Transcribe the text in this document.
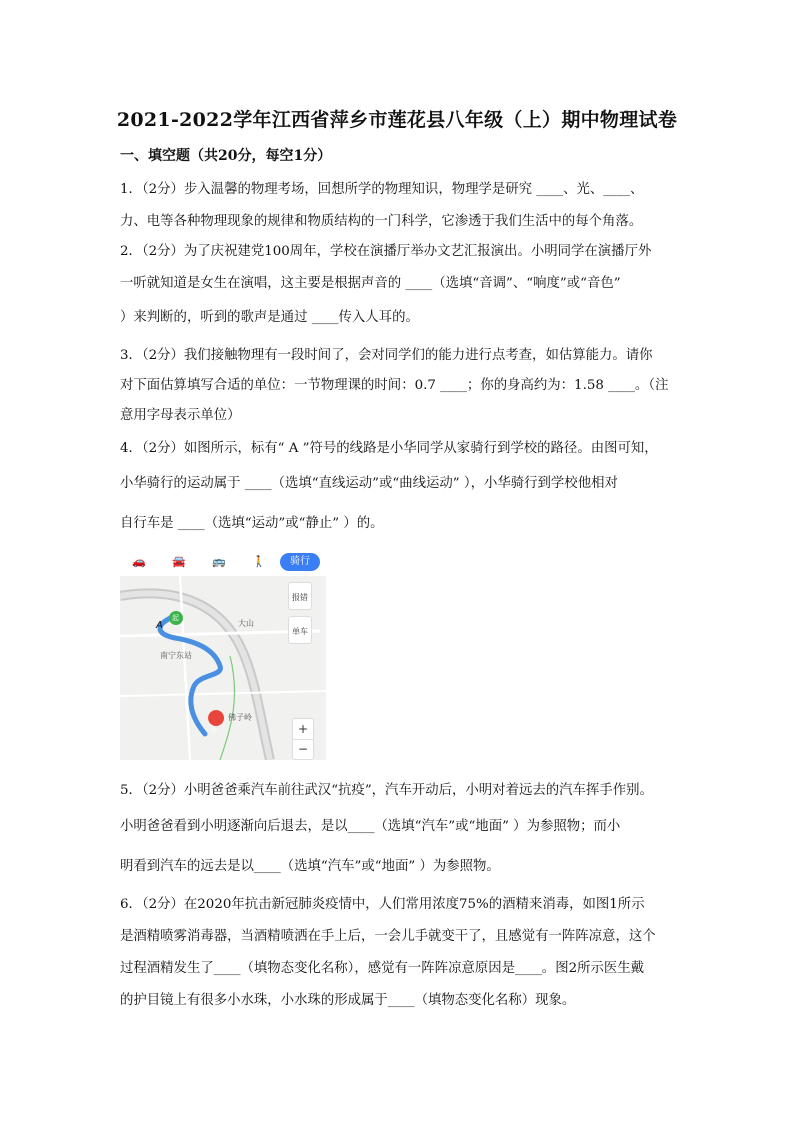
2021-2022学年江西省萍乡市莲花县八年级（上）期中物理试卷
一、填空题（共20分，每空1分）
1．（2分）步入温馨的物理考场，回想所学的物理知识，物理学是研究 ____、光、____、
力、电等各种物理现象的规律和物质结构的一门科学，它渗透于我们生活中的每个角落。
2．（2分）为了庆祝建党100周年，学校在演播厅举办文艺汇报演出。小明同学在演播厅外
一听就知道是女生在演唱，这主要是根据声音的 ____（选填“音调”、“响度”或“音色”
）来判断的，听到的歌声是通过 ____传入人耳的。
3．（2分）我们接触物理有一段时间了，会对同学们的能力进行点考查，如估算能力。请你
对下面估算填写合适的单位：一节物理课的时间：0.7 ____；你的身高约为：1.58 ____。（注
意用字母表示单位）
4．（2分）如图所示，标有“ A ”符号的线路是小华同学从家骑行到学校的路径。由图可知，
小华骑行的运动属于 ____（选填“直线运动”或“曲线运动” ），小华骑行到学校他相对
自行车是 ____（选填“运动”或“静止” ）的。
🚗 🚘 🚌 🚶	骑行
起
终
A	大山
南宁东站
佛子岭
报错
单车
+
−
5．（2分）小明爸爸乘汽车前往武汉“抗疫”，汽车开动后，小明对着远去的汽车挥手作别。
小明爸爸看到小明逐渐向后退去，是以____（选填“汽车”或“地面” ）为参照物；而小
明看到汽车的远去是以____（选填“汽车”或“地面” ）为参照物。
6．（2分）在2020年抗击新冠肺炎疫情中，人们常用浓度75%的酒精来消毒，如图1所示
是酒精喷雾消毒器，当酒精喷洒在手上后，一会儿手就变干了，且感觉有一阵阵凉意，这个
过程酒精发生了____（填物态变化名称），感觉有一阵阵凉意原因是____。图2所示医生戴
的护目镜上有很多小水珠，小水珠的形成属于____（填物态变化名称）现象。
